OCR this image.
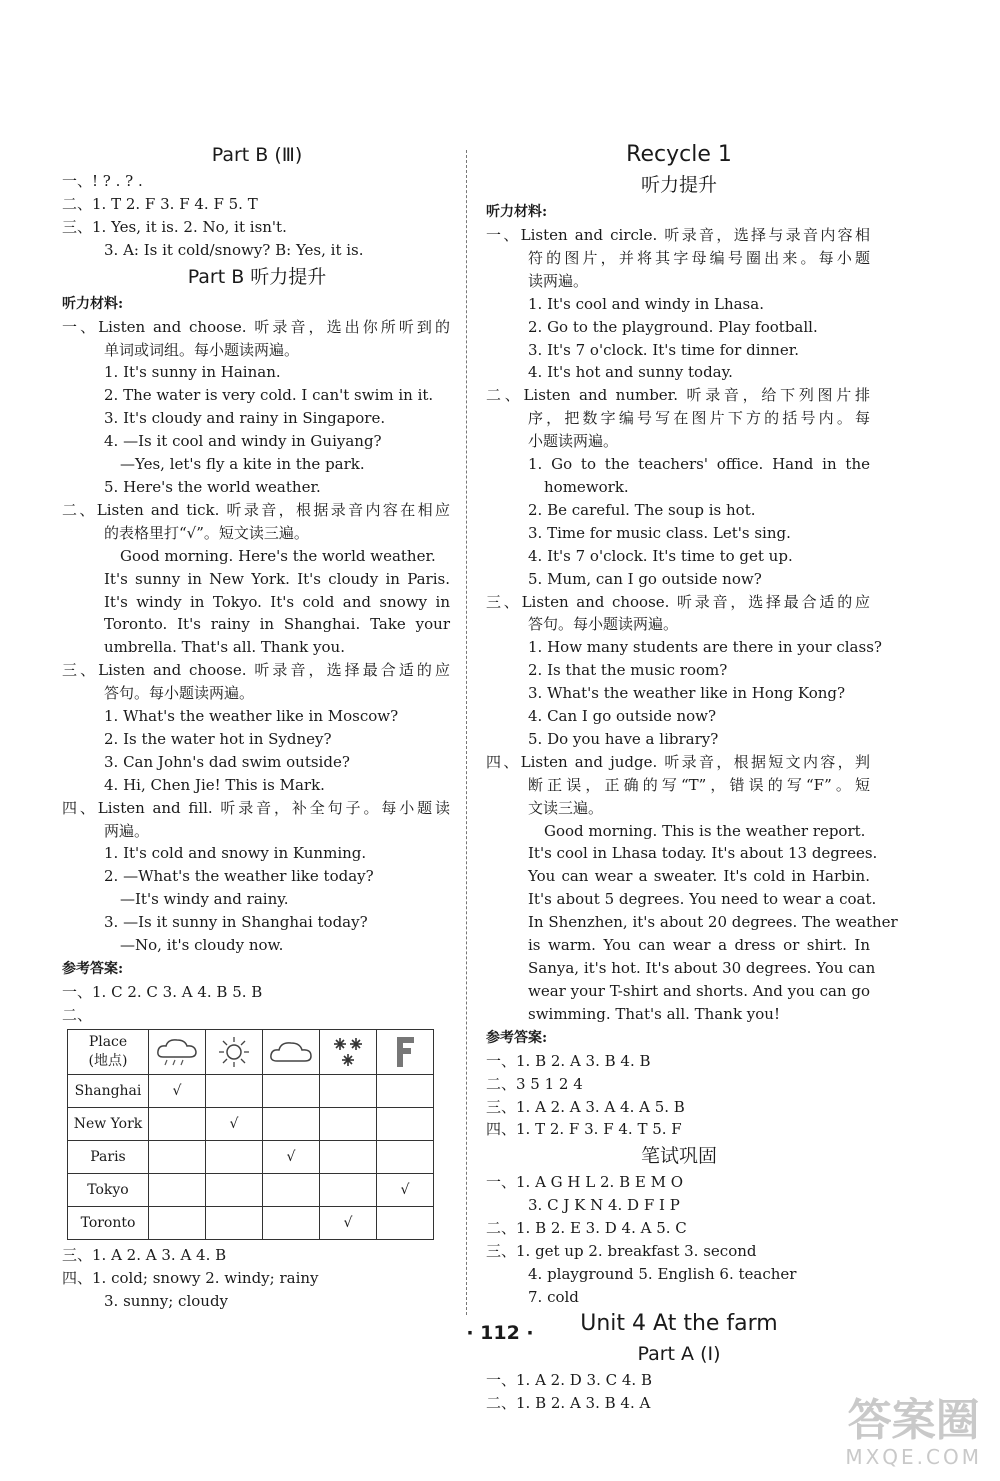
Part B (Ⅲ)
一、! ? . ? .
二、1. T 2. F 3. F 4. F 5. T
三、1. Yes, it is. 2. No, it isn't.
3. A: Is it cold/snowy? B: Yes, it is.
Part B 听力提升
听力材料:
一、Listen and choose. 听录音，选出你所听到的
单词或词组。每小题读两遍。
1. It's sunny in Hainan.
2. The water is very cold. I can't swim in it.
3. It's cloudy and rainy in Singapore.
4. —Is it cool and windy in Guiyang?
—Yes, let's fly a kite in the park.
5. Here's the world weather.
二、Listen and tick. 听录音，根据录音内容在相应
的表格里打“√”。短文读三遍。
Good morning. Here's the world weather.
It's sunny in New York. It's cloudy in Paris.
It's windy in Tokyo. It's cold and snowy in
Toronto. It's rainy in Shanghai. Take your
umbrella. That's all. Thank you.
三、Listen and choose. 听录音，选择最合适的应
答句。每小题读两遍。
1. What's the weather like in Moscow?
2. Is the water hot in Sydney?
3. Can John's dad swim outside?
4. Hi, Chen Jie! This is Mark.
四、Listen and fill. 听录音，补全句子。每小题读
两遍。
1. It's cold and snowy in Kunming.
2. —What's the weather like today?
—It's windy and rainy.
3. —Is it sunny in Shanghai today?
—No, it's cloudy now.
参考答案:
一、1. C 2. C 3. A 4. B 5. B
二、
Place
(地点)

Shanghai	√				
New York		√			
Paris			√		
Tokyo					√
Toronto				√	
三、1. A 2. A 3. A 4. B
四、1. cold; snowy 2. windy; rainy
3. sunny; cloudy
Recycle 1
听力提升
听力材料:
一、Listen and circle. 听录音，选择与录音内容相
符的图片，并将其字母编号圈出来。每小题
读两遍。
1. It's cool and windy in Lhasa.
2. Go to the playground. Play football.
3. It's 7 o'clock. It's time for dinner.
4. It's hot and sunny today.
二、Listen and number. 听录音，给下列图片排
序，把数字编号写在图片下方的括号内。每
小题读两遍。
1. Go to the teachers' office. Hand in the
homework.
2. Be careful. The soup is hot.
3. Time for music class. Let's sing.
4. It's 7 o'clock. It's time to get up.
5. Mum, can I go outside now?
三、Listen and choose. 听录音，选择最合适的应
答句。每小题读两遍。
1. How many students are there in your class?
2. Is that the music room?
3. What's the weather like in Hong Kong?
4. Can I go outside now?
5. Do you have a library?
四、Listen and judge. 听录音，根据短文内容，判
断正误，正确的写“T”，错误的写“F”。短
文读三遍。
Good morning. This is the weather report.
It's cool in Lhasa today. It's about 13 degrees.
You can wear a sweater. It's cold in Harbin.
It's about 5 degrees. You need to wear a coat.
In Shenzhen, it's about 20 degrees. The weather
is warm. You can wear a dress or shirt. In
Sanya, it's hot. It's about 30 degrees. You can
wear your T-shirt and shorts. And you can go
swimming. That's all. Thank you!
参考答案:
一、1. B 2. A 3. B 4. B
二、3 5 1 2 4
三、1. A 2. A 3. A 4. A 5. B
四、1. T 2. F 3. F 4. T 5. F
笔试巩固
一、1. A G H L 2. B E M O
3. C J K N 4. D F I P
二、1. B 2. E 3. D 4. A 5. C
三、1. get up 2. breakfast 3. second
4. playground 5. English 6. teacher
7. cold
Unit 4 At the farm
Part A (Ⅰ)
一、1. A 2. D 3. C 4. B
二、1. B 2. A 3. B 4. A
· 112 ·
答案圈
MXQE.COM
